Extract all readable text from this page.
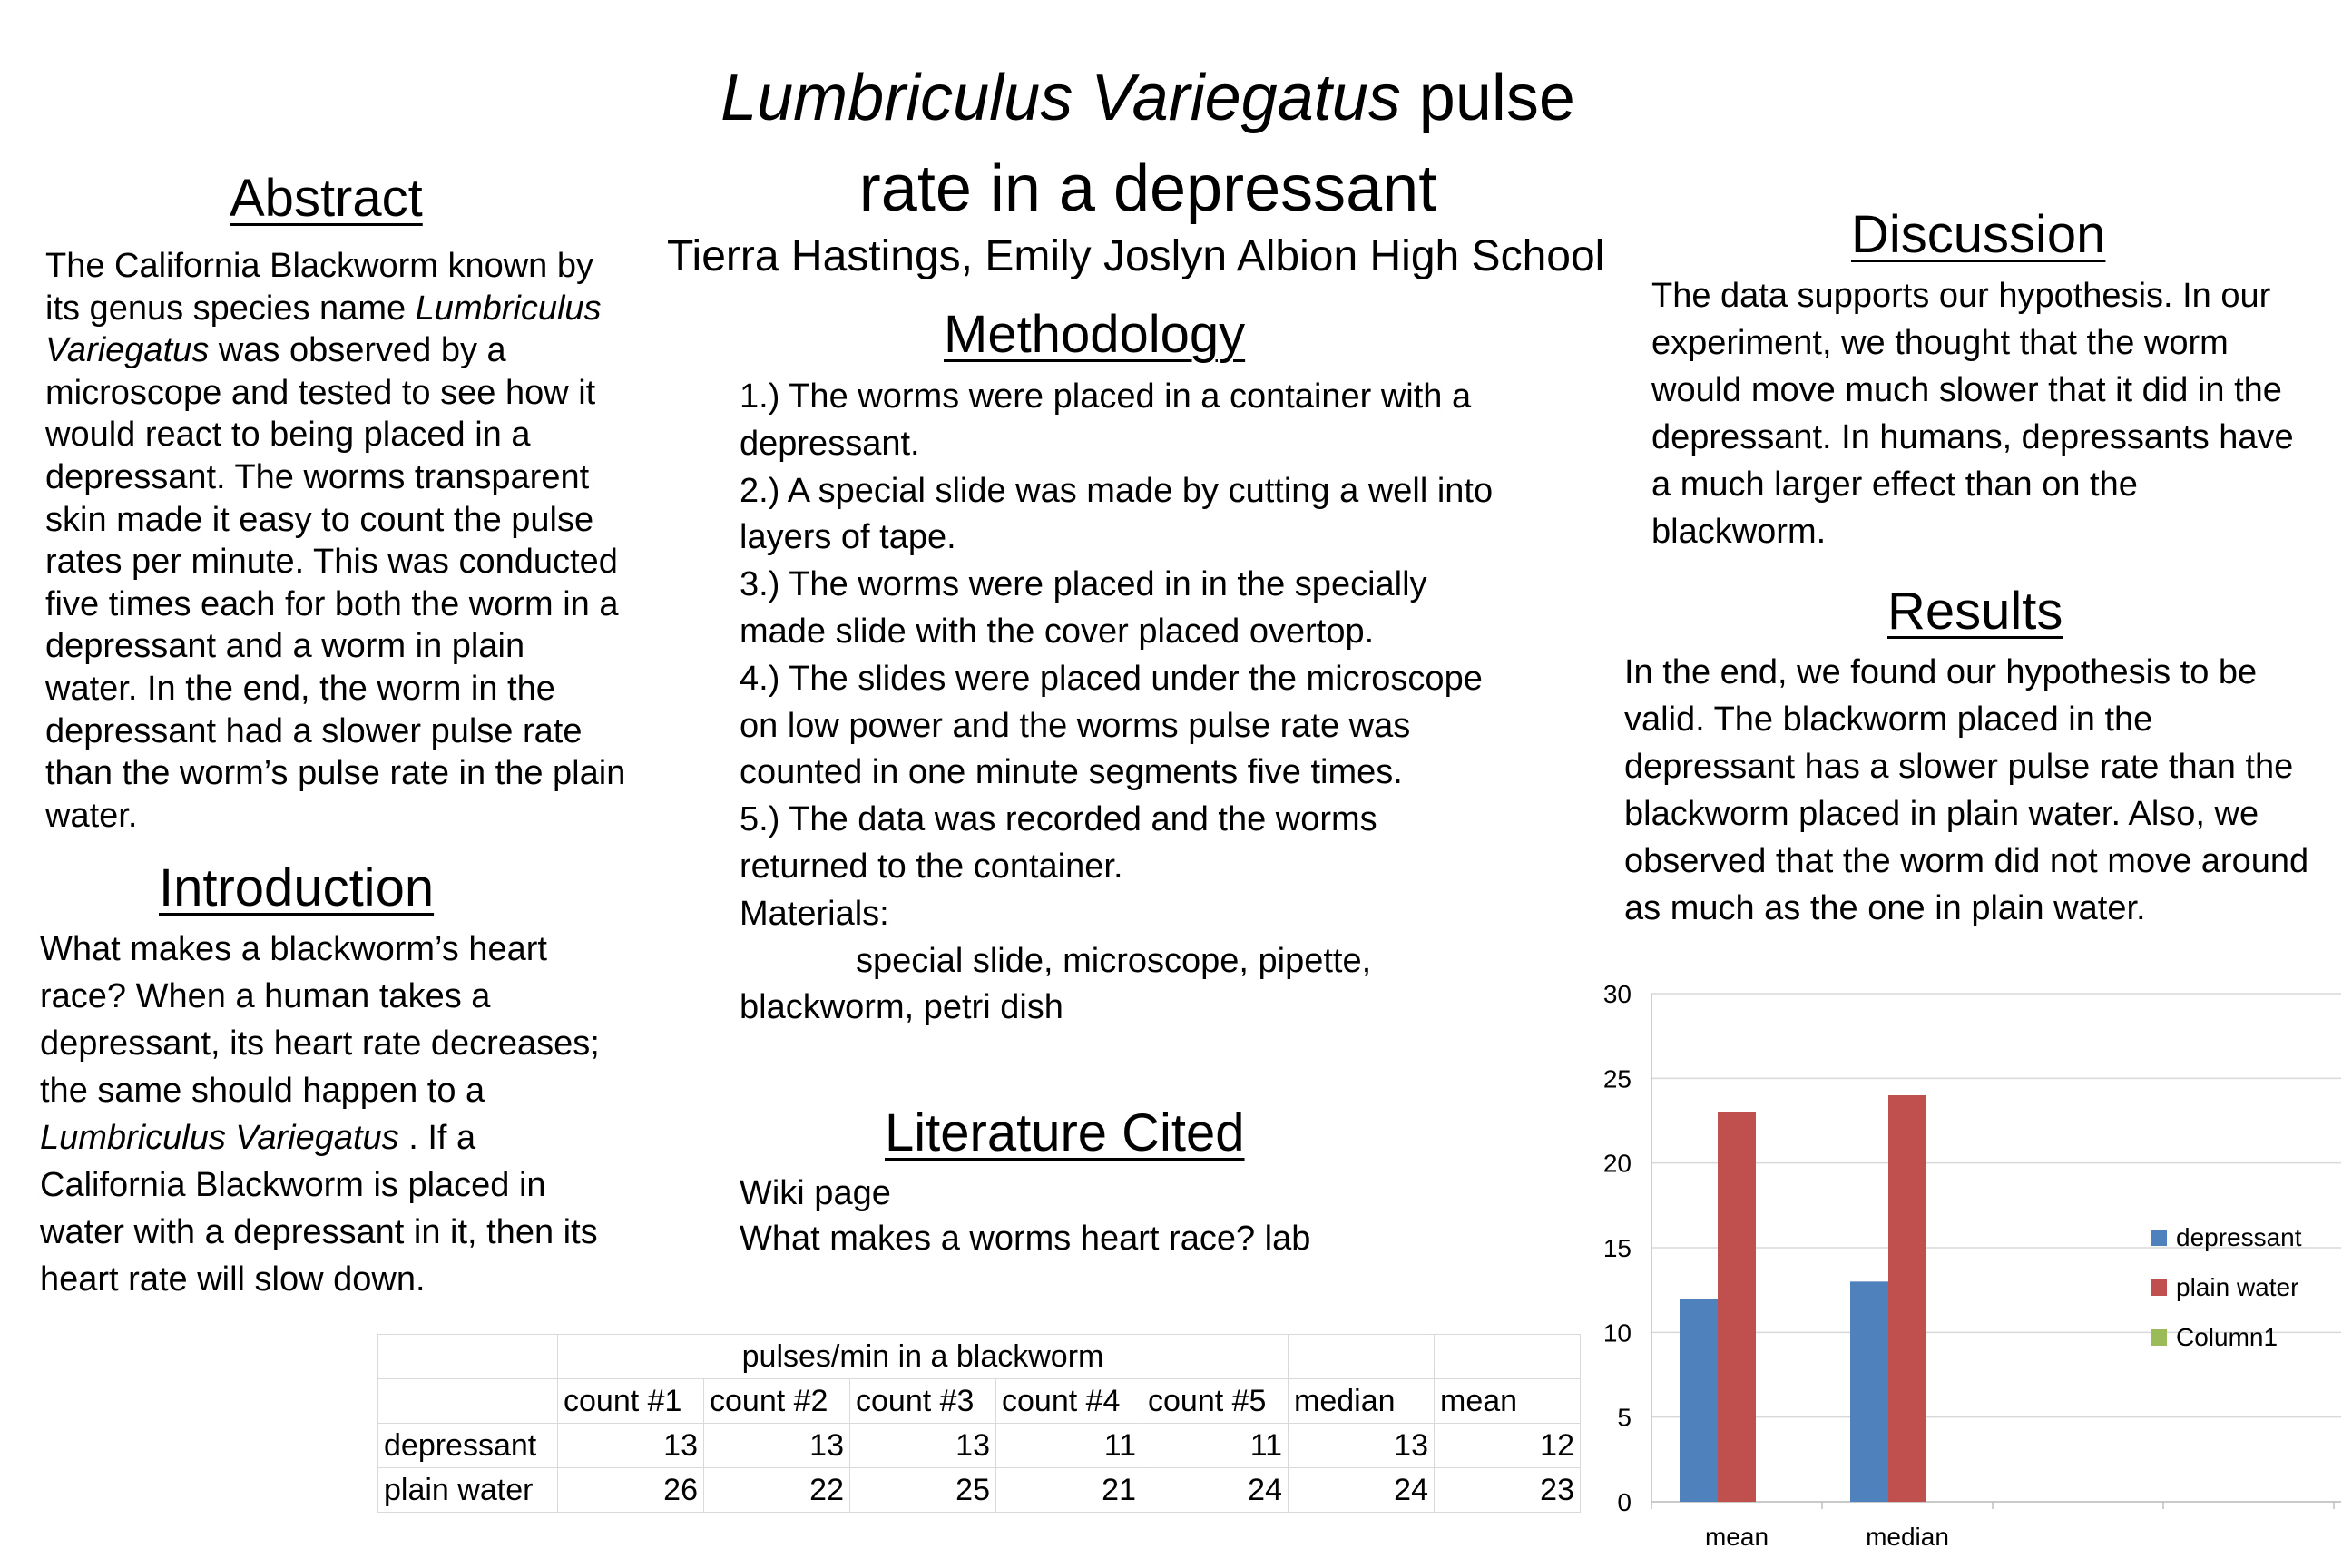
Lumbriculus Variegatus pulse
rate in a depressant
Tierra Hastings, Emily Joslyn Albion High School
Abstract
The California Blackworm known by its genus species name Lumbriculus Variegatus was observed by a microscope and tested to see how it would react to being placed in a depressant. The worms transparent skin made it easy to count the pulse rates per minute. This was conducted five times each for both the worm in a depressant and a worm in plain water. In the end, the worm in the depressant had a slower pulse rate than the worm’s pulse rate in the plain water.
Introduction
What makes a blackworm’s heart race? When a human takes a depressant, its heart rate decreases; the same should happen to a Lumbriculus Variegatus . If a California Blackworm is placed in water with a depressant in it, then its heart rate will slow down.
Methodology

1.) The worms were placed in a container with a depressant.

2.) A special slide was made by cutting a well into layers of tape.

3.) The worms were placed in in the specially made slide with the cover placed overtop.

4.) The slides were placed under the microscope on low power and the worms pulse rate was counted in one minute segments five times.

5.) The data was recorded and the worms returned to the container.

Materials:

special slide, microscope, pipette, blackworm, petri dish

Literature Cited

Wiki page

What makes a worms heart race? lab

Discussion
The data supports our hypothesis. In our experiment, we thought that the worm would move much slower that it did in the depressant. In humans, depressants have a much larger effect than on the blackworm.
Results
In the end, we found our hypothesis to be valid. The blackworm placed in the depressant has a slower pulse rate than the blackworm placed in plain water. Also, we observed that the worm did not move around as much as the one in plain water.
	pulses/min in a blackworm						
	count #1	count #2	count #3	count #4	count #5	median	mean
depressant	13	13	13	11	11	13	12
plain water	26	22	25	21	24	24	23 0
5
10
15
20
25
30
mean	median
depressant
plain water
Column1
